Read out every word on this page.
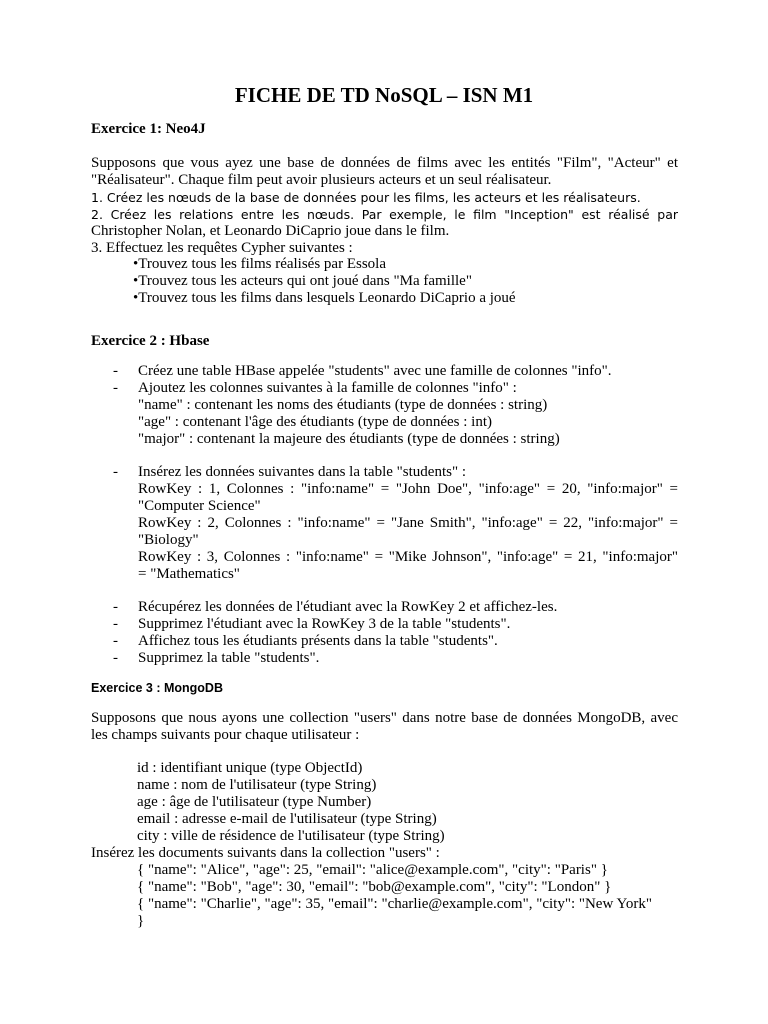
FICHE DE TD NoSQL – ISN M1
Exercice 1: Neo4J
Supposons que vous ayez une base de données de films avec les entités "Film", "Acteur" et
"Réalisateur". Chaque film peut avoir plusieurs acteurs et un seul réalisateur.
1. Créez les nœuds de la base de données pour les films, les acteurs et les réalisateurs.
2. Créez les relations entre les nœuds. Par exemple, le film "Inception" est réalisé par
Christopher Nolan, et Leonardo DiCaprio joue dans le film.
3. Effectuez les requêtes Cypher suivantes :
•Trouvez tous les films réalisés par Essola
•Trouvez tous les acteurs qui ont joué dans "Ma famille"
•Trouvez tous les films dans lesquels Leonardo DiCaprio a joué
Exercice 2 : Hbase
- Créez une table HBase appelée "students" avec une famille de colonnes "info".
- Ajoutez les colonnes suivantes à la famille de colonnes "info" :
"name" : contenant les noms des étudiants (type de données : string)
"age" : contenant l'âge des étudiants (type de données : int)
"major" : contenant la majeure des étudiants (type de données : string)
- Insérez les données suivantes dans la table "students" :
RowKey : 1, Colonnes : "info:name" = "John Doe", "info:age" = 20, "info:major" =
"Computer Science"
RowKey : 2, Colonnes : "info:name" = "Jane Smith", "info:age" = 22, "info:major" =
"Biology"
RowKey : 3, Colonnes : "info:name" = "Mike Johnson", "info:age" = 21, "info:major"
= "Mathematics"
- Récupérez les données de l'étudiant avec la RowKey 2 et affichez-les.
- Supprimez l'étudiant avec la RowKey 3 de la table "students".
- Affichez tous les étudiants présents dans la table "students".
- Supprimez la table "students".
Exercice 3 : MongoDB
Supposons que nous ayons une collection "users" dans notre base de données MongoDB, avec
les champs suivants pour chaque utilisateur :
id : identifiant unique (type ObjectId)
name : nom de l'utilisateur (type String)
age : âge de l'utilisateur (type Number)
email : adresse e-mail de l'utilisateur (type String)
city : ville de résidence de l'utilisateur (type String)
Insérez les documents suivants dans la collection "users" :
{ "name": "Alice", "age": 25, "email": "alice@example.com", "city": "Paris" }
{ "name": "Bob", "age": 30, "email": "bob@example.com", "city": "London" }
{ "name": "Charlie", "age": 35, "email": "charlie@example.com", "city": "New York"
}
